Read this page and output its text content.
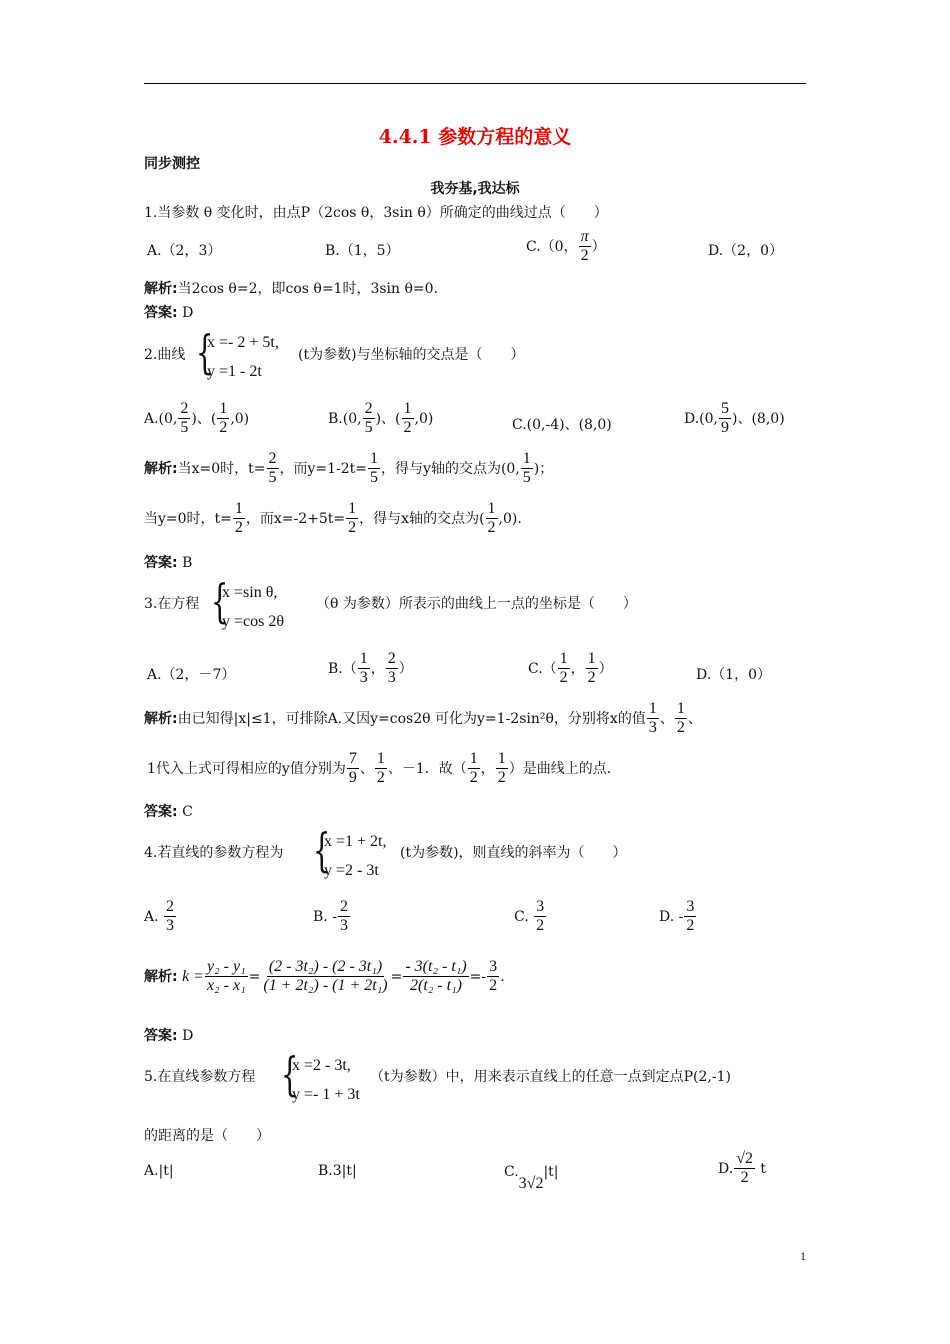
4.4.1 参数方程的意义
同步测控
我夯基,我达标
1.当参数 θ 变化时，由点P（2cos θ，3sin θ）所确定的曲线过点（　　）
A.（2，3）	B.（1，5）	C.（0， $\frac{\pi}{2}$ ）	D.（2，0）
解析:当2cos θ=2，即cos θ=1时，3sin θ=0.
答案: D
2.曲线 {
x =- 2 + 5t,
y =1 - 2t
(t为参数)与坐标轴的交点是（　　）
A.(0, $\frac{2}{5}$ )、( $\frac{1}{2} ,0$)	B.(0, $\frac{2}{5}$ )、( $\frac{1}{2} ,0$)	C.(0,-4)、(8,0)	D.(0, $\frac{5}{9}$ )、(8,0)
解析:当x=0时，$t= \frac{2}{5}$ ，而$y=1-2t= \frac{1}{5}$ ，得与y轴的交点为(0, $\frac{1}{5}$ )；
当y=0时，$t= \frac{1}{2}$ ，而$x=-2+5t= \frac{1}{2}$ ，得与x轴的交点为( $\frac{1}{2} ,0$).
答案: B
3.在方程 {
x =sin θ,
y =cos 2θ
（θ 为参数）所表示的曲线上一点的坐标是（　　）
A.（2，－7）	$B.( \frac{1}{3}$ ， $\frac{2}{3}$ ）	$C.( \frac{1}{2}$ ， $\frac{1}{2}$ ）	D.（1，0）
解析:由已知得|x|≤1，可排除A.又因y=cos2θ 可化为y=1-2sin²θ，分别将x的值 $\frac{1}{3}$ 、 $\frac{1}{2}$ 、
1代入上式可得相应的y值分别为 $\frac{7}{9}$ 、 $\frac{1}{2}$ 、－1．故（ $\frac{1}{2}$ ， $\frac{1}{2}$ ）是曲线上的点.
答案: C
4.若直线的参数方程为 {
x =1 + 2t,
y =2 - 3t
(t为参数)，则直线的斜率为（　　）
A. $\frac{2}{3}$	B. - $\frac{2}{3}$	C. $\frac{3}{2}$	D. - $\frac{3}{2}$
解析: $k = \frac{\text{y₂ - y₁}}{\text{x₂ - x₁}} = \frac{\text{(2 - 3t₂) - (2 - 3t₁)}}{\text{(1 + 2t₂) - (1 + 2t₁)}} = \frac{\text{- 3(t₂ - t₁)}}{\text{2(t₂ - t₁)}} =- \frac{3}{2}$ .
答案: D
5.在直线参数方程 {
x =2 - 3t,
y =- 1 + 3t
（t为参数）中，用来表示直线上的任意一点到定点P(2,-1)
的距离的是（　　）
A.|t|	B.3|t|	C.3√2|t|	D. $\frac{√2}{2}$ t
1
